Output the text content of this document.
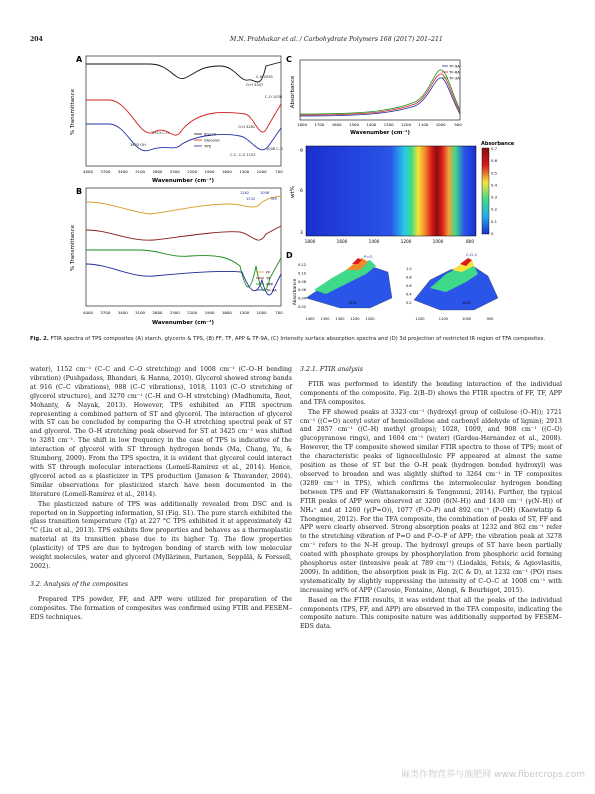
204	M.N. Prabhakar et al. / Carbohydrate Polymers 168 (2017) 201–211
A
% Transmittance
4000 3700 3400 3100 2800 2500 2200 1900 1600 1300 1000 700
Wavenumber (cm⁻¹)
3425 OH
2923 C-H
O-H 3347
C-H 2935
C-O 1038
O-H 3281
C-C, C-O 1152
1008 C-O
Starch
Glycerol
TPS
B
% Transmittance
4000 3700 3400 3100 2800 2500 2200 1900 1600 1300 1000 700
Wavenumber (cm⁻¹)
1262
1232
1008
789
FF
TF
APP
TF-9A
C
Absorbance
TF-9A
TF-6A
TF-3A
1800 1700 1600 1500 1400 1300 1200 1100 1000 900
Wavenumber (cm⁻¹)
wt%
9
6
3
1800	1600	1400	1200	1000	800
Absorbance
0.7
0.6
0.5
0.4
0.3
0.2
0.1
0
D
Absorbance
P=O
1232
0.12
0.10
0.08
0.06
0.04
0.02
1400 1350 1300 1250 1200
C-O-C
1024
1.0
0.8
0.6
0.4
0.2
1200	1100	1000	900
Fig. 2. FTIR spectra of TPS composites (A) starch, glycerin & TPS, (B) FF, TF, APP & TF-9A, (C) Intensity surface absorption spectra and (D) 3d projection of restricted IR region of TFA composites.

water), 1152 cm⁻¹ (C–C and C–O stretching) and 1008 cm⁻¹ (C–O–H bending vibration) (Pushpadass, Bhandari, & Hanna, 2010). Glycerol showed strong bands at 916 (C–C vibrations), 988 (C–C vibrations), 1018, 1103 (C–O stretching of glycerol structure), and 3270 cm⁻¹ (C–H and O–H stretching) (Madhumita, Rout, Mohanty, & Nayak, 2013). However, TPS exhibited an FTIR spectrum representing a combined pattern of ST and glycerol. The interaction of glycerol with ST can be concluded by comparing the O–H stretching spectral peak of ST and glycerol. The O–H stretching peak observed for ST at 3425 cm⁻¹ was shifted to 3281 cm⁻¹. The shift in low frequency in the case of TPS is indicative of the interaction of glycerol with ST through hydrogen bonds (Ma, Chang, Yu, & Stumborg, 2009). From the TPS spectra, it is evident that glycerol could interact with ST through molecular interactions (Lomelí-Ramírez et al., 2014). Hence, glycerol acted as a plasticizer in TPS production (Jansson & Thuvander, 2004). Similar observations for plasticized starch have been documented in the literature (Lomelí-Ramírez et al., 2014).

The plasticized nature of TPS was additionally revealed from DSC and is reported on in Supporting information, SI (Fig. S1). The pure starch exhibited the glass transition temperature (Tg) at 227 °C TPS exhibited it at approximately 42 °C (Liu et al., 2013). TPS exhibits flow properties and behaves as a thermoplastic material at its transition phase due to its higher Tg. The flow properties (plasticity) of TPS are due to hydrogen bonding of starch with low molecular weight molecules, water and glycerol (Myllärinen, Partanen, Seppälä, & Forssell, 2002).

3.2. Analysis of the composites

Prepared TPS powder, FF, and APP were utilized for preparation of the composites. The formation of composites was confirmed using FTIR and FESEM–EDS techniques.

3.2.1. FTIR analysis

FTIR was performed to identify the bonding interaction of the individual components of the composite. Fig. 2(B–D) shows the FTIR spectra of FF, TF, APP and TFA composites.

The FF showed peaks at 3323 cm⁻¹ (hydroxyl group of cellulose (O–H)); 1721 cm⁻¹ ((C=O) acetyl ester of hemicellulose and carbonyl aldehyde of lignin); 2913 and 2857 cm⁻¹ ((C–H) methyl groups); 1028, 1009, and 908 cm⁻¹ ((C–O) glucopyranose rings), and 1604 cm⁻¹ (water) (Gardea-Hernández et al., 2008). However, the TF composite showed similar FTIR spectra to those of TPS; most of the characteristic peaks of lignocellulosic FF appeared at almost the same position as those of ST but the O–H peak (hydrogen bonded hydroxyl) was observed to broaden and was slightly shifted to 3264 cm⁻¹ in TF composites (3289 cm⁻¹ in TPS), which confirms the intermolecular hydrogen bonding between TPS and FF (Wattanakornsiri & Tongnunui, 2014). Further, the typical FTIR peaks of APP were observed at 3200 (δ(N–H)) and 1430 cm⁻¹ (γ(N–H)) of NH₄⁺ and at 1260 (γ(P=O)), 1077 (P–O–P) and 892 cm⁻¹ (P–OH) (Kaewtatip & Thongmee, 2012). For the TFA composite, the combination of peaks of ST, FF and APP were clearly observed. Strong absorption peaks at 1232 and 862 cm⁻¹ refer to the stretching vibration of P=O and P–O–P of APP; the vibration peak at 3278 cm⁻¹ refers to the N–H group. The hydroxyl groups of ST have been partially coated with phosphate groups by phosphorylation from phosphoric acid forming phosphorus ester (intensive peak at 789 cm⁻¹) (Liodakis, Fetsis, & Agiovlasitis, 2009). In addition, the absorption peak in Fig. 2(C & D), at 1232 cm⁻¹ (PO) rises systematically by slightly suppressing the intensity of C–O–C at 1008 cm⁻¹ with increasing wt% of APP (Carosio, Fontaine, Alongi, & Bourbigot, 2015).

Based on the FTIR results, it was evident that all the peaks of the individual components (TPS, FF, and APP) are observed in the TFA composite, indicating the composite nature. This composite nature was additionally supported by FESEM–EDS data.

麻类作物营养与施肥网 www.fibercrops.com
